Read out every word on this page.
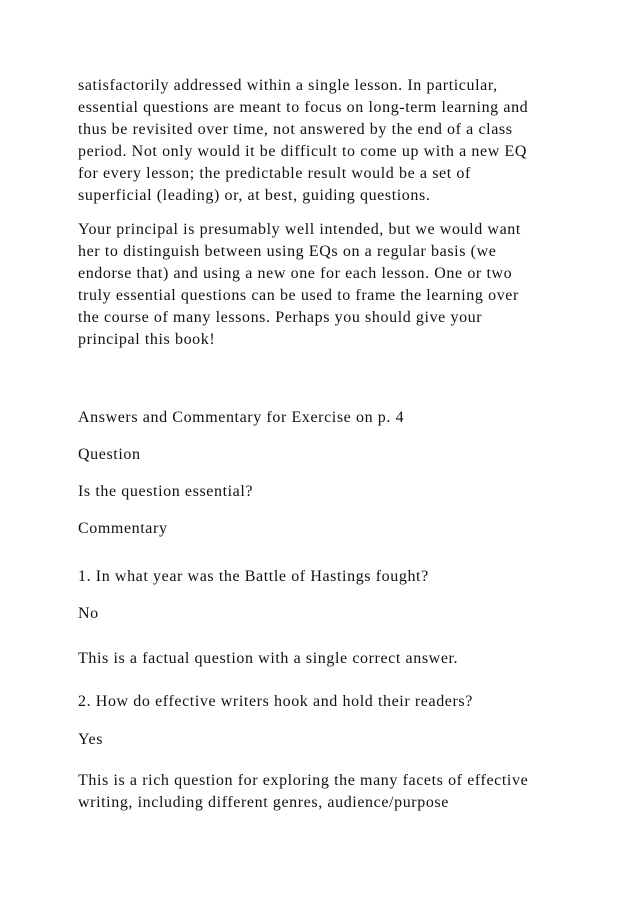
satisfactorily addressed within a single lesson. In particular,
essential questions are meant to focus on long-term learning and
thus be revisited over time, not answered by the end of a class
period. Not only would it be difficult to come up with a new EQ
for every lesson; the predictable result would be a set of
superficial (leading) or, at best, guiding questions.

Your principal is presumably well intended, but we would want
her to distinguish between using EQs on a regular basis (we
endorse that) and using a new one for each lesson. One or two
truly essential questions can be used to frame the learning over
the course of many lessons. Perhaps you should give your
principal this book!

Answers and Commentary for Exercise on p. 4

Question

Is the question essential?

Commentary

1. In what year was the Battle of Hastings fought?

No

This is a factual question with a single correct answer.

2. How do effective writers hook and hold their readers?

Yes

This is a rich question for exploring the many facets of effective
writing, including different genres, audience/purpose
